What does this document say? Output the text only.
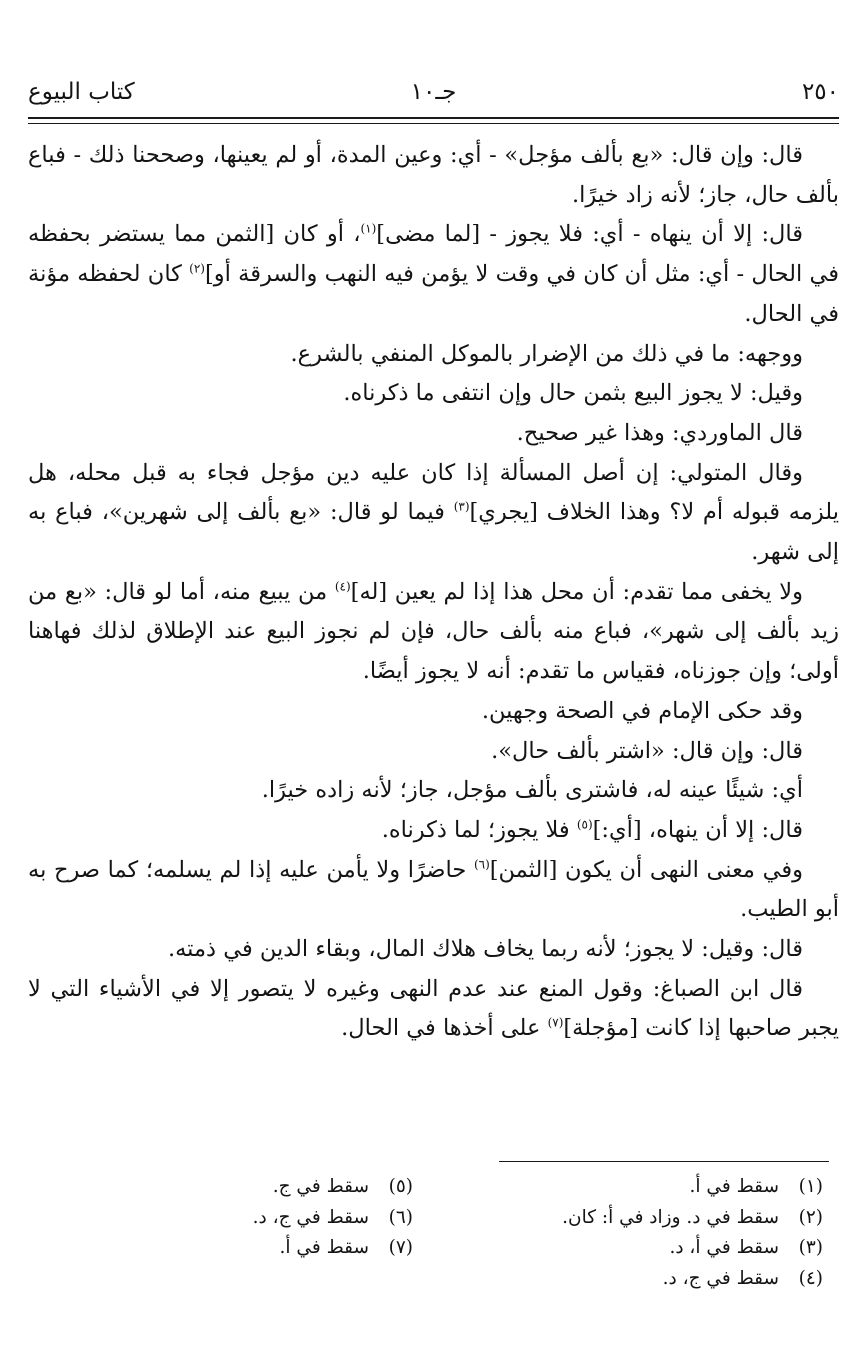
٢٥٠
جـ١٠
كتاب البيوع

قال: وإن قال: «بع بألف مؤجل» - أي: وعين المدة، أو لم يعينها، وصححنا ذلك - فباع بألف حال، جاز؛ لأنه زاد خيرًا.

قال: إلا أن ينهاه - أي: فلا يجوز - [لما مضى]$^{(١)}$، أو كان [الثمن مما يستضر بحفظه في الحال - أي: مثل أن كان في وقت لا يؤمن فيه النهب والسرقة أو]$^{(٢)}$ كان لحفظه مؤنة في الحال.

ووجهه: ما في ذلك من الإضرار بالموكل المنفي بالشرع.

وقيل: لا يجوز البيع بثمن حال وإن انتفى ما ذكرناه.

قال الماوردي: وهذا غير صحيح.

وقال المتولي: إن أصل المسألة إذا كان عليه دين مؤجل فجاء به قبل محله، هل يلزمه قبوله أم لا؟ وهذا الخلاف [يجري]$^{(٣)}$ فيما لو قال: «بع بألف إلى شهرين»، فباع به إلى شهر.

ولا يخفى مما تقدم: أن محل هذا إذا لم يعين [له]$^{(٤)}$ من يبيع منه، أما لو قال: «بع من زيد بألف إلى شهر»، فباع منه بألف حال، فإن لم نجوز البيع عند الإطلاق لذلك فهاهنا أولى؛ وإن جوزناه، فقياس ما تقدم: أنه لا يجوز أيضًا.

وقد حكى الإمام في الصحة وجهين.

قال: وإن قال: «اشتر بألف حال».

أي: شيئًا عينه له، فاشترى بألف مؤجل، جاز؛ لأنه زاده خيرًا.

قال: إلا أن ينهاه، [أي:]$^{(٥)}$ فلا يجوز؛ لما ذكرناه.

وفي معنى النهى أن يكون [الثمن]$^{(٦)}$ حاضرًا ولا يأمن عليه إذا لم يسلمه؛ كما صرح به أبو الطيب.

قال: وقيل: لا يجوز؛ لأنه ربما يخاف هلاك المال، وبقاء الدين في ذمته.

قال ابن الصباغ: وقول المنع عند عدم النهى وغيره لا يتصور إلا في الأشياء التي لا يجبر صاحبها إذا كانت [مؤجلة]$^{(٧)}$ على أخذها في الحال.

(١)سقط في أ.
(٢)سقط في د. وزاد في أ: كان.
(٣)سقط في أ، د.
(٤)سقط في ج، د.
(٥)سقط في ج.
(٦)سقط في ج، د.
(٧)سقط في أ.
